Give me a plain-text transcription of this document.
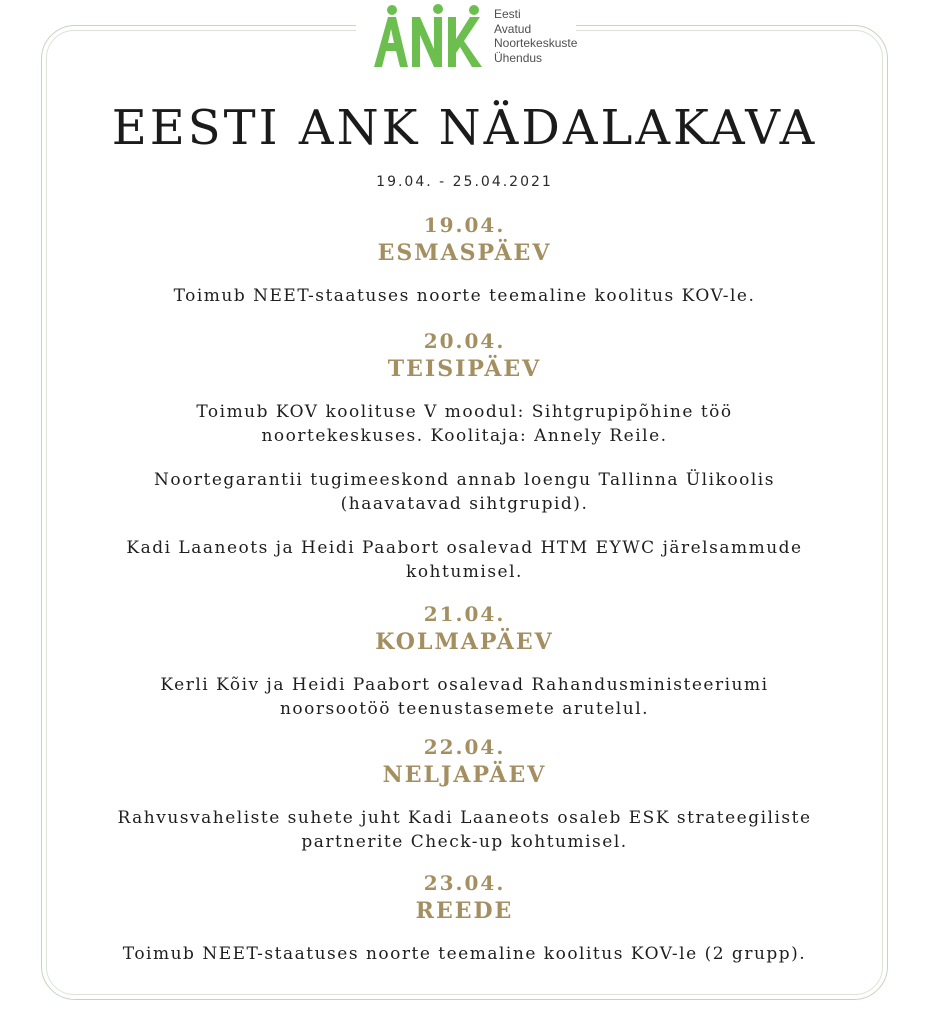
Eesti
Avatud
Noortekeskuste
Ühendus
EESTI ANK NÄDALAKAVA
19.04. - 25.04.2021
19.04.
ESMASPÄEV
Toimub NEET-staatuses noorte teemaline koolitus KOV-le.
20.04.
TEISIPÄEV
Toimub KOV koolituse V moodul: Sihtgrupipõhine töö
noortekeskuses. Koolitaja: Annely Reile.
Noortegarantii tugimeeskond annab loengu Tallinna Ülikoolis
(haavatavad sihtgrupid).
Kadi Laaneots ja Heidi Paabort osalevad HTM EYWC järelsammude
kohtumisel.
21.04.
KOLMAPÄEV
Kerli Kõiv ja Heidi Paabort osalevad Rahandusministeeriumi
noorsootöö teenustasemete arutelul.
22.04.
NELJAPÄEV
Rahvusvaheliste suhete juht Kadi Laaneots osaleb ESK strateegiliste
partnerite Check-up kohtumisel.
23.04.
REEDE
Toimub NEET-staatuses noorte teemaline koolitus KOV-le (2 grupp).
